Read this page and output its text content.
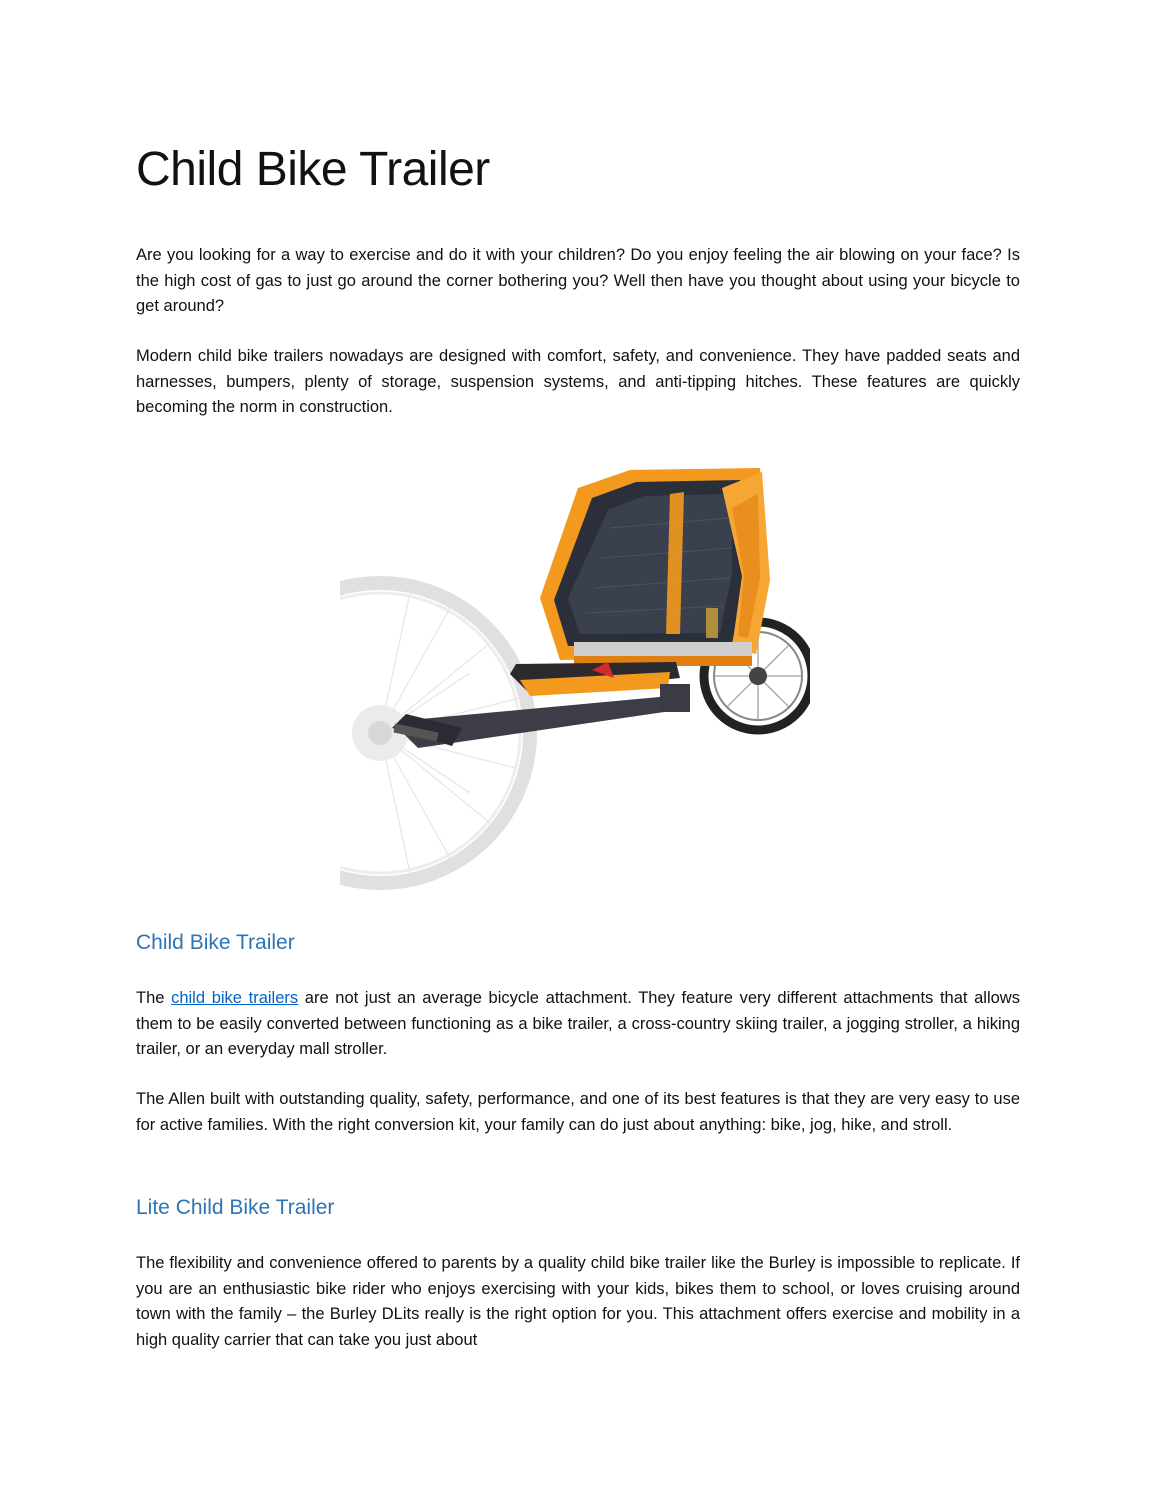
Child Bike Trailer

Are you looking for a way to exercise and do it with your children? Do you enjoy feeling the air blowing on your face? Is the high cost of gas to just go around the corner bothering you? Well then have you thought about using your bicycle to get around?

Modern child bike trailers nowadays are designed with comfort, safety, and convenience. They have padded seats and harnesses, bumpers, plenty of storage, suspension systems, and anti-tipping hitches. These features are quickly becoming the norm in construction.

Child Bike Trailer

The child bike trailers are not just an average bicycle attachment. They feature very different attachments that allows them to be easily converted between functioning as a bike trailer, a cross-country skiing trailer, a jogging stroller, a hiking trailer, or an everyday mall stroller.

The Allen built with outstanding quality, safety, performance, and one of its best features is that they are very easy to use for active families. With the right conversion kit, your family can do just about anything: bike, jog, hike, and stroll.

Lite Child Bike Trailer

The flexibility and convenience offered to parents by a quality child bike trailer like the Burley is impossible to replicate. If you are an enthusiastic bike rider who enjoys exercising with your kids, bikes them to school, or loves cruising around town with the family – the Burley DLits really is the right option for you. This attachment offers exercise and mobility in a high quality carrier that can take you just about
